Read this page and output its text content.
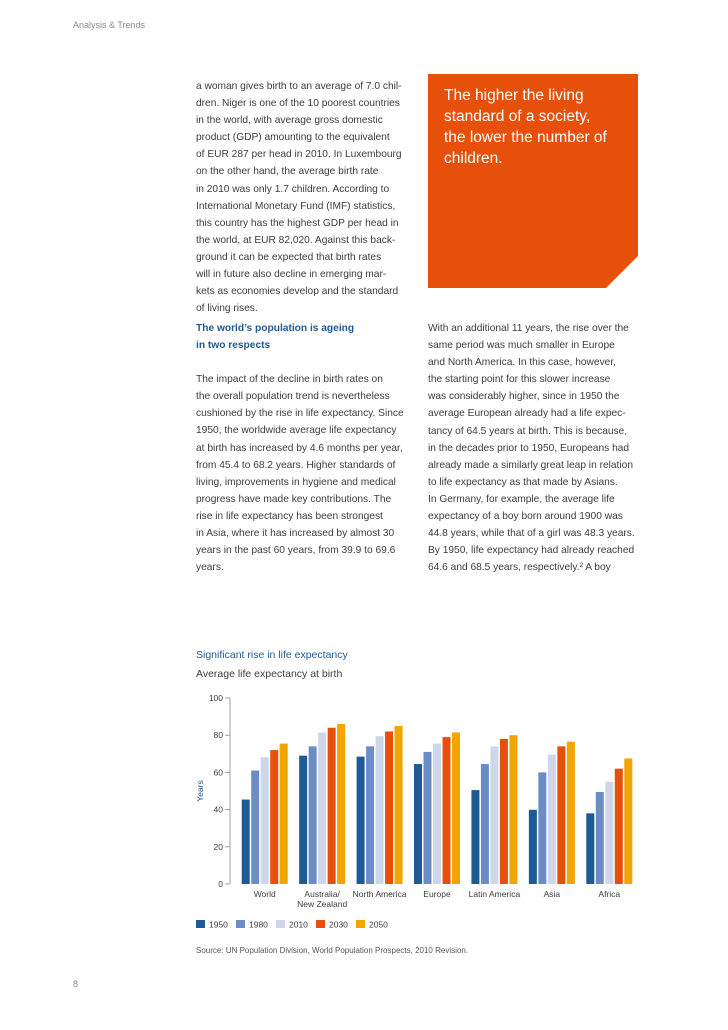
Analysis & Trends
a woman gives birth to an average of 7.0 chil-
dren. Niger is one of the 10 poorest countries
in the world, with average gross domestic
product (GDP) amounting to the equivalent
of EUR 287 per head in 2010. In Luxembourg
on the other hand, the average birth rate
in 2010 was only 1.7 children. According to
International Monetary Fund (IMF) statistics,
this country has the highest GDP per head in
the world, at EUR 82,020. Against this back-
ground it can be expected that birth rates
will in future also decline in emerging mar-
kets as economies develop and the standard
of living rises.

The higher the living
standard of a society,
the lower the number of
children.

The world’s population is ageing
in two respects

The impact of the decline in birth rates on
the overall population trend is nevertheless
cushioned by the rise in life expectancy. Since
1950, the worldwide average life expectancy
at birth has increased by 4.6 months per year,
from 45.4 to 68.2 years. Higher standards of
living, improvements in hygiene and medical
progress have made key contributions. The
rise in life expectancy has been strongest
in Asia, where it has increased by almost 30
years in the past 60 years, from 39.9 to 69.6
years.

With an additional 11 years, the rise over the
same period was much smaller in Europe
and North America. In this case, however,
the starting point for this slower increase
was considerably higher, since in 1950 the
average European already had a life expec-
tancy of 64.5 years at birth. This is because,
in the decades prior to 1950, Europeans had
already made a similarly great leap in relation
to life expectancy as that made by Asians.
In Germany, for example, the average life
expectancy of a boy born around 1900 was
44.8 years, while that of a girl was 48.3 years.
By 1950, life expectancy had already reached
64.6 and 68.5 years, respectively.² A boy
Significant rise in life expectancy
Average life expectancy at birth
0
20
40
60
80
100
Years
World	Australia/
New Zealand
North America Europe Latin America	Asia	Africa
1950 1980 2010 2030 2050
Source: UN Population Division, World Population Prospects, 2010 Revision.
8
